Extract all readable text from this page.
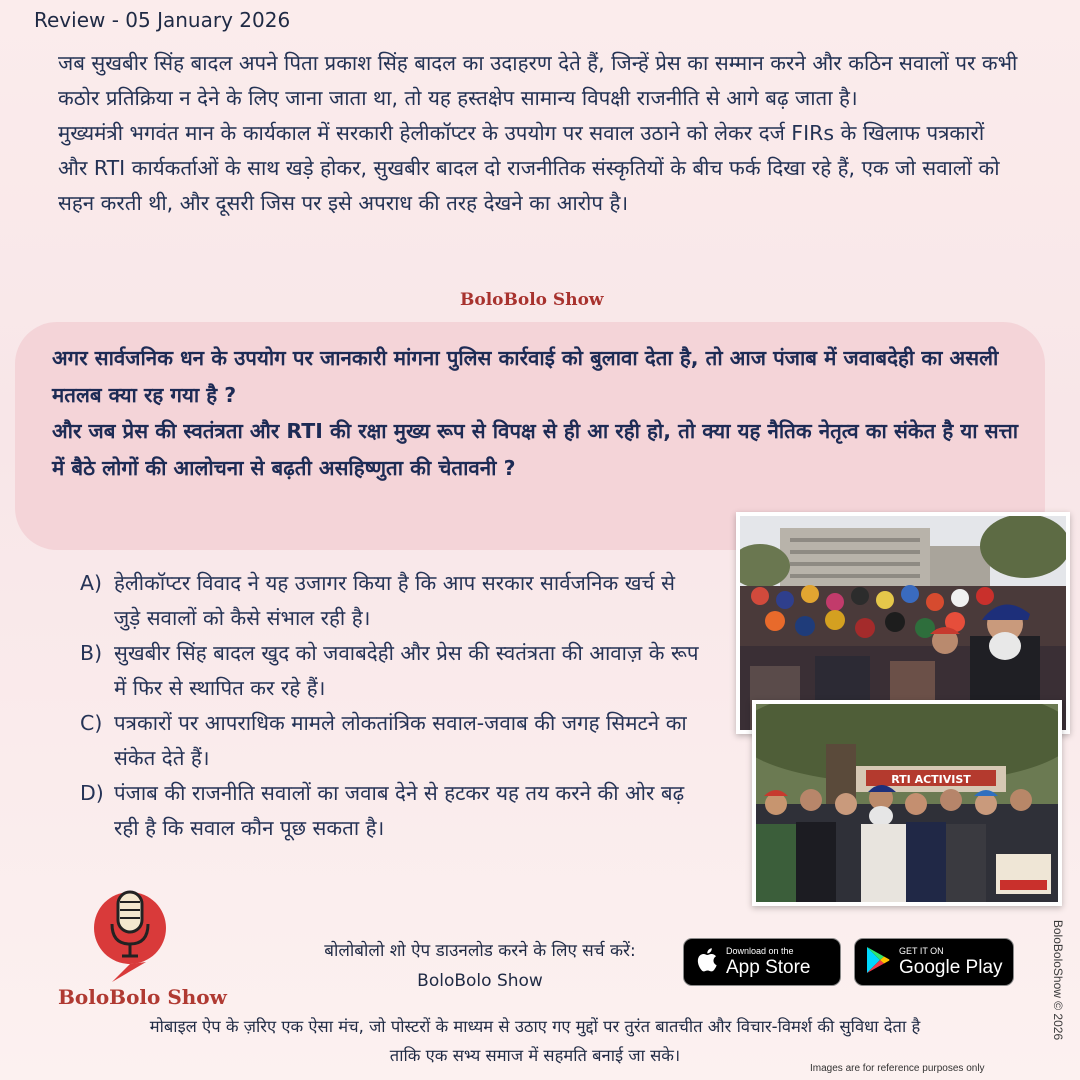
Review - 05 January 2026

जब सुखबीर सिंह बादल अपने पिता प्रकाश सिंह बादल का उदाहरण देते हैं, जिन्हें प्रेस का सम्मान करने और कठिन सवालों पर कभी कठोर प्रतिक्रिया न देने के लिए जाना जाता था, तो यह हस्तक्षेप सामान्य विपक्षी राजनीति से आगे बढ़ जाता है।

मुख्यमंत्री भगवंत मान के कार्यकाल में सरकारी हेलीकॉप्टर के उपयोग पर सवाल उठाने को लेकर दर्ज FIRs के खिलाफ पत्रकारों और RTI कार्यकर्ताओं के साथ खड़े होकर, सुखबीर बादल दो राजनीतिक संस्कृतियों के बीच फर्क दिखा रहे हैं, एक जो सवालों को सहन करती थी, और दूसरी जिस पर इसे अपराध की तरह देखने का आरोप है।

BoloBolo Show

अगर सार्वजनिक धन के उपयोग पर जानकारी मांगना पुलिस कार्रवाई को बुलावा देता है, तो आज पंजाब में जवाबदेही का असली मतलब क्या रह गया है ?

और जब प्रेस की स्वतंत्रता और RTI की रक्षा मुख्य रूप से विपक्ष से ही आ रही हो, तो क्या यह नैतिक नेतृत्व का संकेत है या सत्ता में बैठे लोगों की आलोचना से बढ़ती असहिष्णुता की चेतावनी ?

A) हेलीकॉप्टर विवाद ने यह उजागर किया है कि आप सरकार सार्वजनिक खर्च से जुड़े सवालों को कैसे संभाल रही है।
B) सुखबीर सिंह बादल खुद को जवाबदेही और प्रेस की स्वतंत्रता की आवाज़ के रूप में फिर से स्थापित कर रहे हैं।
C) पत्रकारों पर आपराधिक मामले लोकतांत्रिक सवाल-जवाब की जगह सिमटने का संकेत देते हैं।
D) पंजाब की राजनीति सवालों का जवाब देने से हटकर यह तय करने की ओर बढ़ रही है कि सवाल कौन पूछ सकता है।
RTI ACTIVIST
BoloBolo Show
बोलोबोलो शो ऐप डाउनलोड करने के लिए सर्च करें:
BoloBolo Show
Download on the
App Store
GET IT ON
Google Play
मोबाइल ऐप के ज़रिए एक ऐसा मंच, जो पोस्टरों के माध्यम से उठाए गए मुद्दों पर तुरंत बातचीत और विचार-विमर्श की सुविधा देता है
ताकि एक सभ्य समाज में सहमति बनाई जा सके।
BoloBoloShow © 2026
Images are for reference purposes only
